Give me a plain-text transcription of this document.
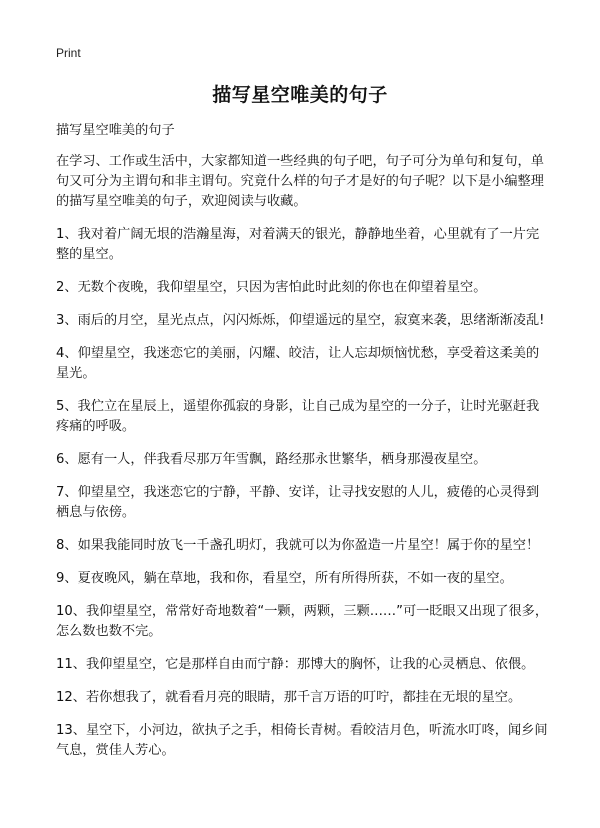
Print
描写星空唯美的句子

描写星空唯美的句子

在学习、工作或生活中，大家都知道一些经典的句子吧，句子可分为单句和复句，单句又可分为主谓句和非主谓句。究竟什么样的句子才是好的句子呢？以下是小编整理的描写星空唯美的句子，欢迎阅读与收藏。

1、我对着广阔无垠的浩瀚星海，对着满天的银光，静静地坐着，心里就有了一片完整的星空。

2、无数个夜晚，我仰望星空，只因为害怕此时此刻的你也在仰望着星空。

3、雨后的月空，星光点点，闪闪烁烁，仰望遥远的星空，寂寞来袭，思绪渐渐凌乱!

4、仰望星空，我迷恋它的美丽，闪耀、皎洁，让人忘却烦恼忧愁，享受着这柔美的星光。

5、我伫立在星辰上，遥望你孤寂的身影，让自己成为星空的一分子，让时光驱赶我疼痛的呼吸。

6、愿有一人，伴我看尽那万年雪飘，路经那永世繁华，栖身那漫夜星空。

7、仰望星空，我迷恋它的宁静，平静、安详，让寻找安慰的人儿，疲倦的心灵得到栖息与依傍。

8、如果我能同时放飞一千盏孔明灯，我就可以为你盈造一片星空！属于你的星空！

9、夏夜晚风，躺在草地，我和你，看星空，所有所得所获，不如一夜的星空。

10、我仰望星空，常常好奇地数着“一颗，两颗，三颗……”可一眨眼又出现了很多，怎么数也数不完。

11、我仰望星空，它是那样自由而宁静：那博大的胸怀，让我的心灵栖息、依偎。

12、若你想我了，就看看月亮的眼睛，那千言万语的叮咛，都挂在无垠的星空。

13、星空下，小河边，欲执子之手，相倚长青树。看皎洁月色，听流水叮咚，闻乡间气息，赏佳人芳心。
